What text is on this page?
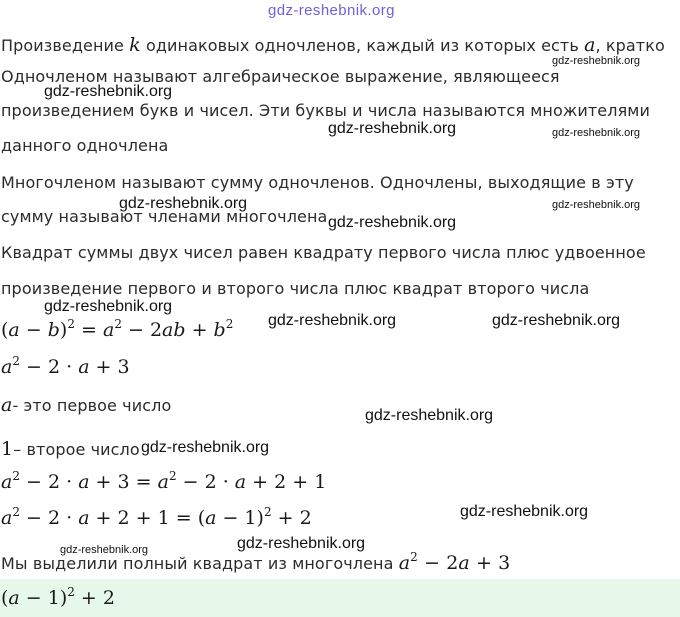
gdz-reshebnik.org
Произведение k одинаковых одночленов, каждый из которых есть a, кратко
Одночленом называют алгебраическое выражение, являющееся
произведением букв и чисел. Эти буквы и числа называются множителями
данного одночлена
Многочленом называют сумму одночленов. Одночлены, выходящие в эту
сумму называют членами многочлена
Квадрат суммы двух чисел равен квадрату первого числа плюс удвоенное
произведение первого и второго числа плюс квадрат второго числа
$(a - b)^2 = a^2 - 2ab + b^2$
$a^2 - 2 \cdot a + 3$
a- это первое число
1– второе число
$a^2 - 2 \cdot a + 3 = a^2 - 2 \cdot a + 2 + 1$
$a^2 - 2 \cdot a + 2 + 1 = (a - 1)^2 + 2$
Мы выделили полный квадрат из многочлена $a^2 - 2a + 3$
$(a - 1)^2 + 2$
gdz-reshebnik.org
gdz-reshebnik.org
gdz-reshebnik.org	gdz-reshebnik.org
gdz-reshebnik.org	gdz-reshebnik.org
gdz-reshebnik.org
gdz-reshebnik.org
gdz-reshebnik.org	gdz-reshebnik.org
gdz-reshebnik.org
gdz-reshebnik.org
gdz-reshebnik.org
gdz-reshebnik.org
gdz-reshebnik.org
